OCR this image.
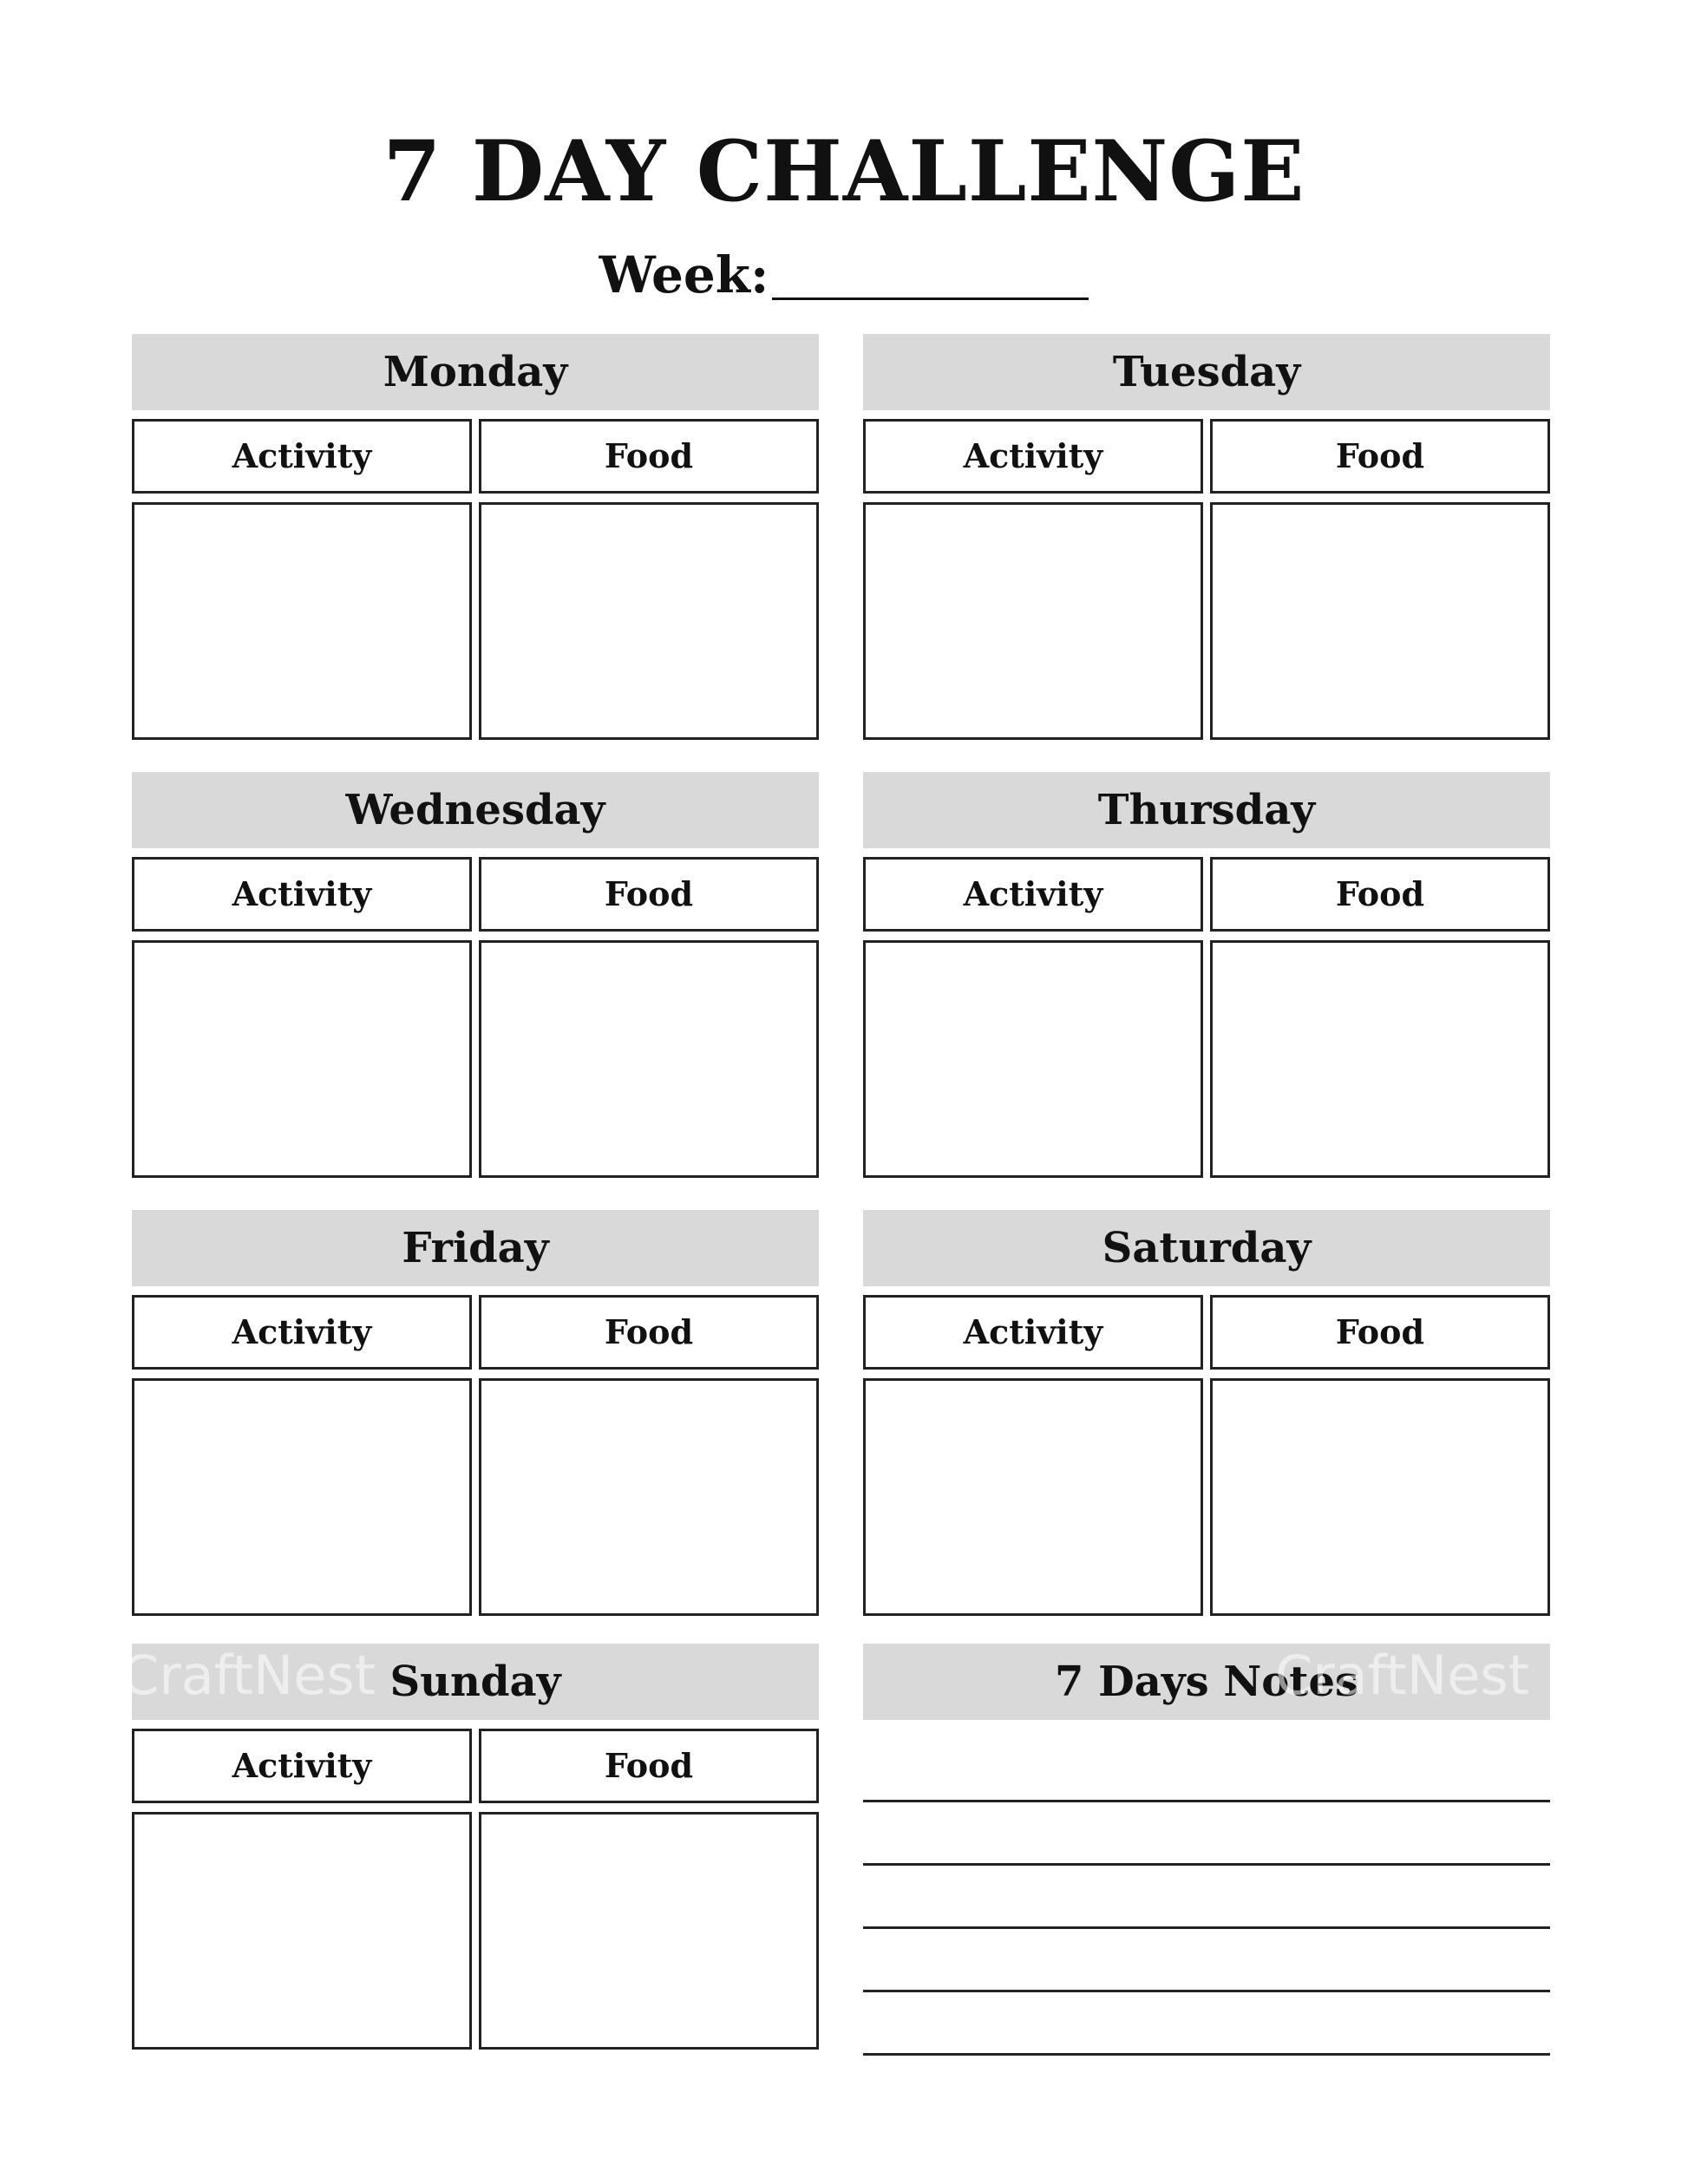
7 DAY CHALLENGE
Week:
Monday
Activity	Food
Tuesday
Activity	Food
Wednesday
Activity	Food
Thursday
Activity	Food
Friday
Activity	Food
Saturday
Activity	Food
Sunday
Activity	Food
7 Days Notes
CraftNest	CraftNest
